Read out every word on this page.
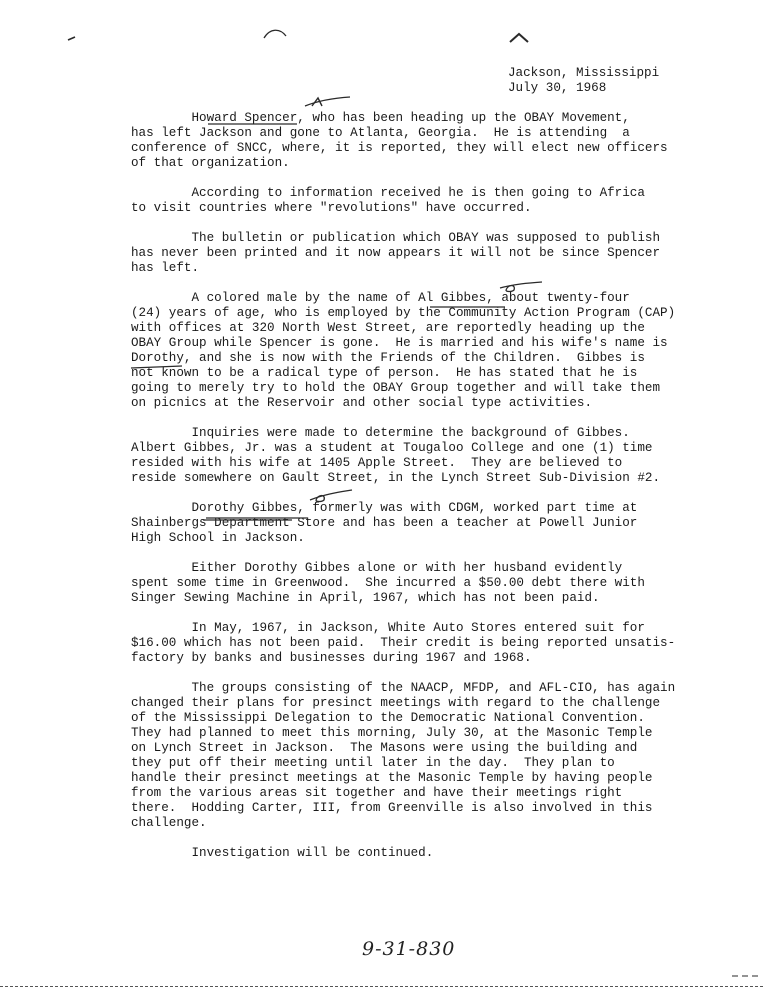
Jackson, Mississippi
July 30, 1968
Howard Spencer, who has been heading up the OBAY Movement,
has left Jackson and gone to Atlanta, Georgia.  He is attending  a
conference of SNCC, where, it is reported, they will elect new officers
of that organization.
According to information received he is then going to Africa
to visit countries where "revolutions" have occurred.
The bulletin or publication which OBAY was supposed to publish
has never been printed and it now appears it will not be since Spencer
has left.
A colored male by the name of Al Gibbes, about twenty-four
(24) years of age, who is employed by the Community Action Program (CAP)
with offices at 320 North West Street, are reportedly heading up the
OBAY Group while Spencer is gone.  He is married and his wife's name is
Dorothy, and she is now with the Friends of the Children.  Gibbes is
not known to be a radical type of person.  He has stated that he is
going to merely try to hold the OBAY Group together and will take them
on picnics at the Reservoir and other social type activities.
Inquiries were made to determine the background of Gibbes.
Albert Gibbes, Jr. was a student at Tougaloo College and one (1) time
resided with his wife at 1405 Apple Street.  They are believed to
reside somewhere on Gault Street, in the Lynch Street Sub-Division #2.
Dorothy Gibbes, formerly was with CDGM, worked part time at
Shainbergs Department Store and has been a teacher at Powell Junior
High School in Jackson.
Either Dorothy Gibbes alone or with her husband evidently
spent some time in Greenwood.  She incurred a $50.00 debt there with
Singer Sewing Machine in April, 1967, which has not been paid.
In May, 1967, in Jackson, White Auto Stores entered suit for
$16.00 which has not been paid.  Their credit is being reported unsatis-
factory by banks and businesses during 1967 and 1968.
The groups consisting of the NAACP, MFDP, and AFL-CIO, has again
changed their plans for presinct meetings with regard to the challenge
of the Mississippi Delegation to the Democratic National Convention.
They had planned to meet this morning, July 30, at the Masonic Temple
on Lynch Street in Jackson.  The Masons were using the building and
they put off their meeting until later in the day.  They plan to
handle their presinct meetings at the Masonic Temple by having people
from the various areas sit together and have their meetings right
there.  Hodding Carter, III, from Greenville is also involved in this
challenge.
Investigation will be continued.
9-31-830
